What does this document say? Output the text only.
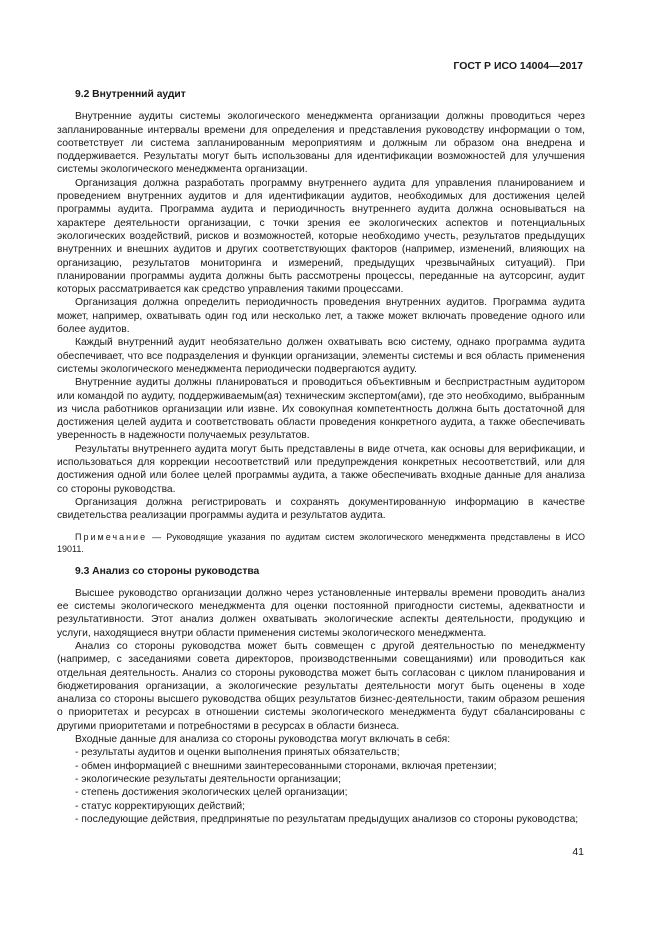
ГОСТ Р ИСО 14004—2017
9.2 Внутренний аудит

Внутренние аудиты системы экологического менеджмента организации должны проводиться через запланированные интервалы времени для определения и представления руководству информации о том, соответствует ли система запланированным мероприятиям и должным ли образом она внедрена и поддерживается. Результаты могут быть использованы для идентификации возможностей для улучшения системы экологического менеджмента организации.

Организация должна разработать программу внутреннего аудита для управления планированием и проведением внутренних аудитов и для идентификации аудитов, необходимых для достижения целей программы аудита. Программа аудита и периодичность внутреннего аудита должна основываться на характере деятельности организации, с точки зрения ее экологических аспектов и потенциальных экологических воздействий, рисков и возможностей, которые необходимо учесть, результатов предыдущих внутренних и внешних аудитов и других соответствующих факторов (например, изменений, влияющих на организацию, результатов мониторинга и измерений, предыдущих чрезвычайных ситуаций). При планировании программы аудита должны быть рассмотрены процессы, переданные на аутсорсинг, аудит которых рассматривается как средство управления такими процессами.

Организация должна определить периодичность проведения внутренних аудитов. Программа аудита может, например, охватывать один год или несколько лет, а также может включать проведение одного или более аудитов.

Каждый внутренний аудит необязательно должен охватывать всю систему, однако программа аудита обеспечивает, что все подразделения и функции организации, элементы системы и вся область применения системы экологического менеджмента периодически подвергаются аудиту.

Внутренние аудиты должны планироваться и проводиться объективным и беспристрастным аудитором или командой по аудиту, поддерживаемым(ая) техническим экспертом(ами), где это необходимо, выбранным из числа работников организации или извне. Их совокупная компетентность должна быть достаточной для достижения целей аудита и соответствовать области проведения конкретного аудита, а также обеспечивать уверенность в надежности получаемых результатов.

Результаты внутреннего аудита могут быть представлены в виде отчета, как основы для верификации, и использоваться для коррекции несоответствий или предупреждения конкретных несоответствий, или для достижения одной или более целей программы аудита, а также обеспечивать входные данные для анализа со стороны руководства.

Организация должна регистрировать и сохранять документированную информацию в качестве свидетельства реализации программы аудита и результатов аудита.

Примечание — Руководящие указания по аудитам систем экологического менеджмента представлены в ИСО 19011.

9.3 Анализ со стороны руководства

Высшее руководство организации должно через установленные интервалы времени проводить анализ ее системы экологического менеджмента для оценки постоянной пригодности системы, адекватности и результативности. Этот анализ должен охватывать экологические аспекты деятельности, продукцию и услуги, находящиеся внутри области применения системы экологического менеджмента.

Анализ со стороны руководства может быть совмещен с другой деятельностью по менеджменту (например, с заседаниями совета директоров, производственными совещаниями) или проводиться как отдельная деятельность. Анализ со стороны руководства может быть согласован с циклом планирования и бюджетирования организации, а экологические результаты деятельности могут быть оценены в ходе анализа со стороны высшего руководства общих результатов бизнес-деятельности, таким образом решения о приоритетах и ресурсах в отношении системы экологического менеджмента будут сбалансированы с другими приоритетами и потребностями в ресурсах в области бизнеса.

Входные данные для анализа со стороны руководства могут включать в себя:

- результаты аудитов и оценки выполнения принятых обязательств;

- обмен информацией с внешними заинтересованными сторонами, включая претензии;

- экологические результаты деятельности организации;

- степень достижения экологических целей организации;

- статус корректирующих действий;

- последующие действия, предпринятые по результатам предыдущих анализов со стороны руководства;

41
